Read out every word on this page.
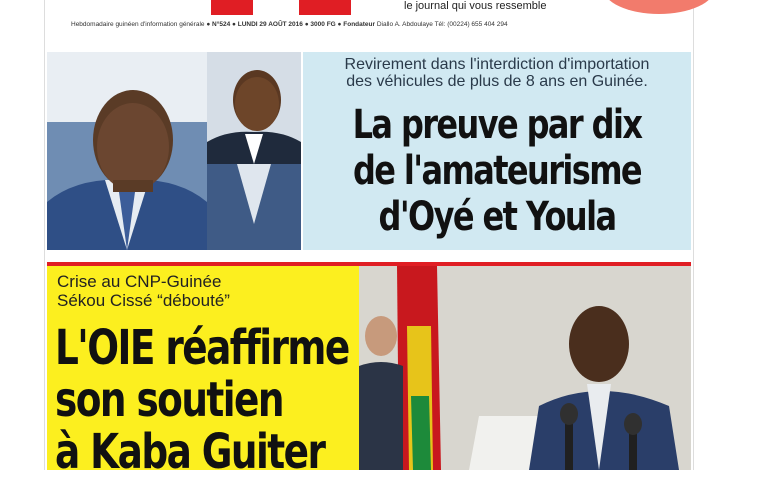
le journal qui vous ressemble
Hebdomadaire guinéen d'information générale ● N°524 ● LUNDI 29 AOÛT 2016 ● 3000 FG ● Fondateur Diallo A. Abdoulaye Tél: (00224) 655 404 294
Revirement dans l'interdiction d'importation
des véhicules de plus de 8 ans en Guinée.
La preuve par dix
de l'amateurisme
d'Oyé et Youla
Crise au CNP-Guinée
Sékou Cissé “débouté”
L'OIE réaffirme
son soutien
à Kaba Guiter
